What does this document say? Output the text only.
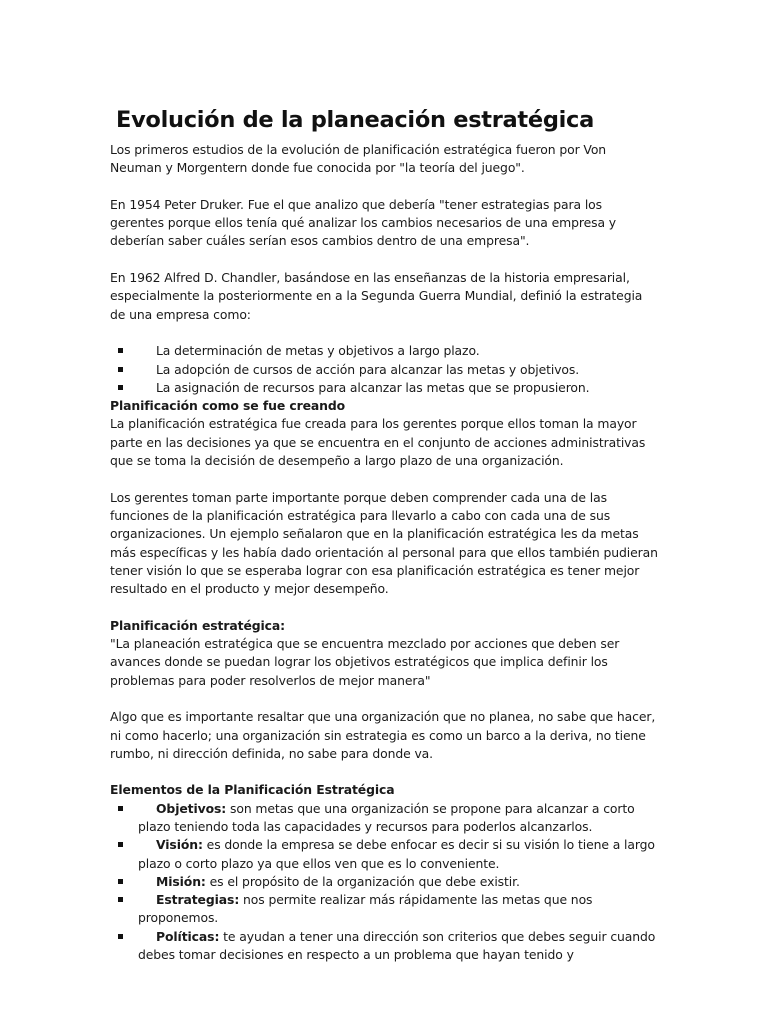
Evolución de la planeación estratégica

Los primeros estudios de la evolución de planificación estratégica fueron por Von Neuman y Morgentern donde fue conocida por "la teoría del juego".

En 1954 Peter Druker. Fue el que analizo que debería "tener estrategias para los gerentes porque ellos tenía qué analizar los cambios necesarios de una empresa y deberían saber cuáles serían esos cambios dentro de una empresa".

En 1962 Alfred D. Chandler, basándose en las enseñanzas de la historia empresarial, especialmente la posteriormente en a la Segunda Guerra Mundial, definió la estrategia de una empresa como:

La determinación de metas y objetivos a largo plazo.
La adopción de cursos de acción para alcanzar las metas y objetivos.
La asignación de recursos para alcanzar las metas que se propusieron.

Planificación como se fue creando

La planificación estratégica fue creada para los gerentes porque ellos toman la mayor parte en las decisiones ya que se encuentra en el conjunto de acciones administrativas que se toma la decisión de desempeño a largo plazo de una organización.

Los gerentes toman parte importante porque deben comprender cada una de las funciones de la planificación estratégica para llevarlo a cabo con cada una de sus organizaciones. Un ejemplo señalaron que en la planificación estratégica les da metas más específicas y les había dado orientación al personal para que ellos también pudieran tener visión lo que se esperaba lograr con esa planificación estratégica es tener mejor resultado en el producto y mejor desempeño.

Planificación estratégica:

"La planeación estratégica que se encuentra mezclado por acciones que deben ser avances donde se puedan lograr los objetivos estratégicos que implica definir los problemas para poder resolverlos de mejor manera"

Algo que es importante resaltar que una organización que no planea, no sabe que hacer, ni como hacerlo; una organización sin estrategia es como un barco a la deriva, no tiene rumbo, ni dirección definida, no sabe para donde va.

Elementos de la Planificación Estratégica

Objetivos: son metas que una organización se propone para alcanzar a corto plazo teniendo toda las capacidades y recursos para poderlos alcanzarlos.
Visión: es donde la empresa se debe enfocar es decir si su visión lo tiene a largo plazo o corto plazo ya que ellos ven que es lo conveniente.
Misión: es el propósito de la organización que debe existir.
Estrategias: nos permite realizar más rápidamente las metas que nos proponemos.
Políticas: te ayudan a tener una dirección son criterios que debes seguir cuando debes tomar decisiones en respecto a un problema que hayan tenido y
